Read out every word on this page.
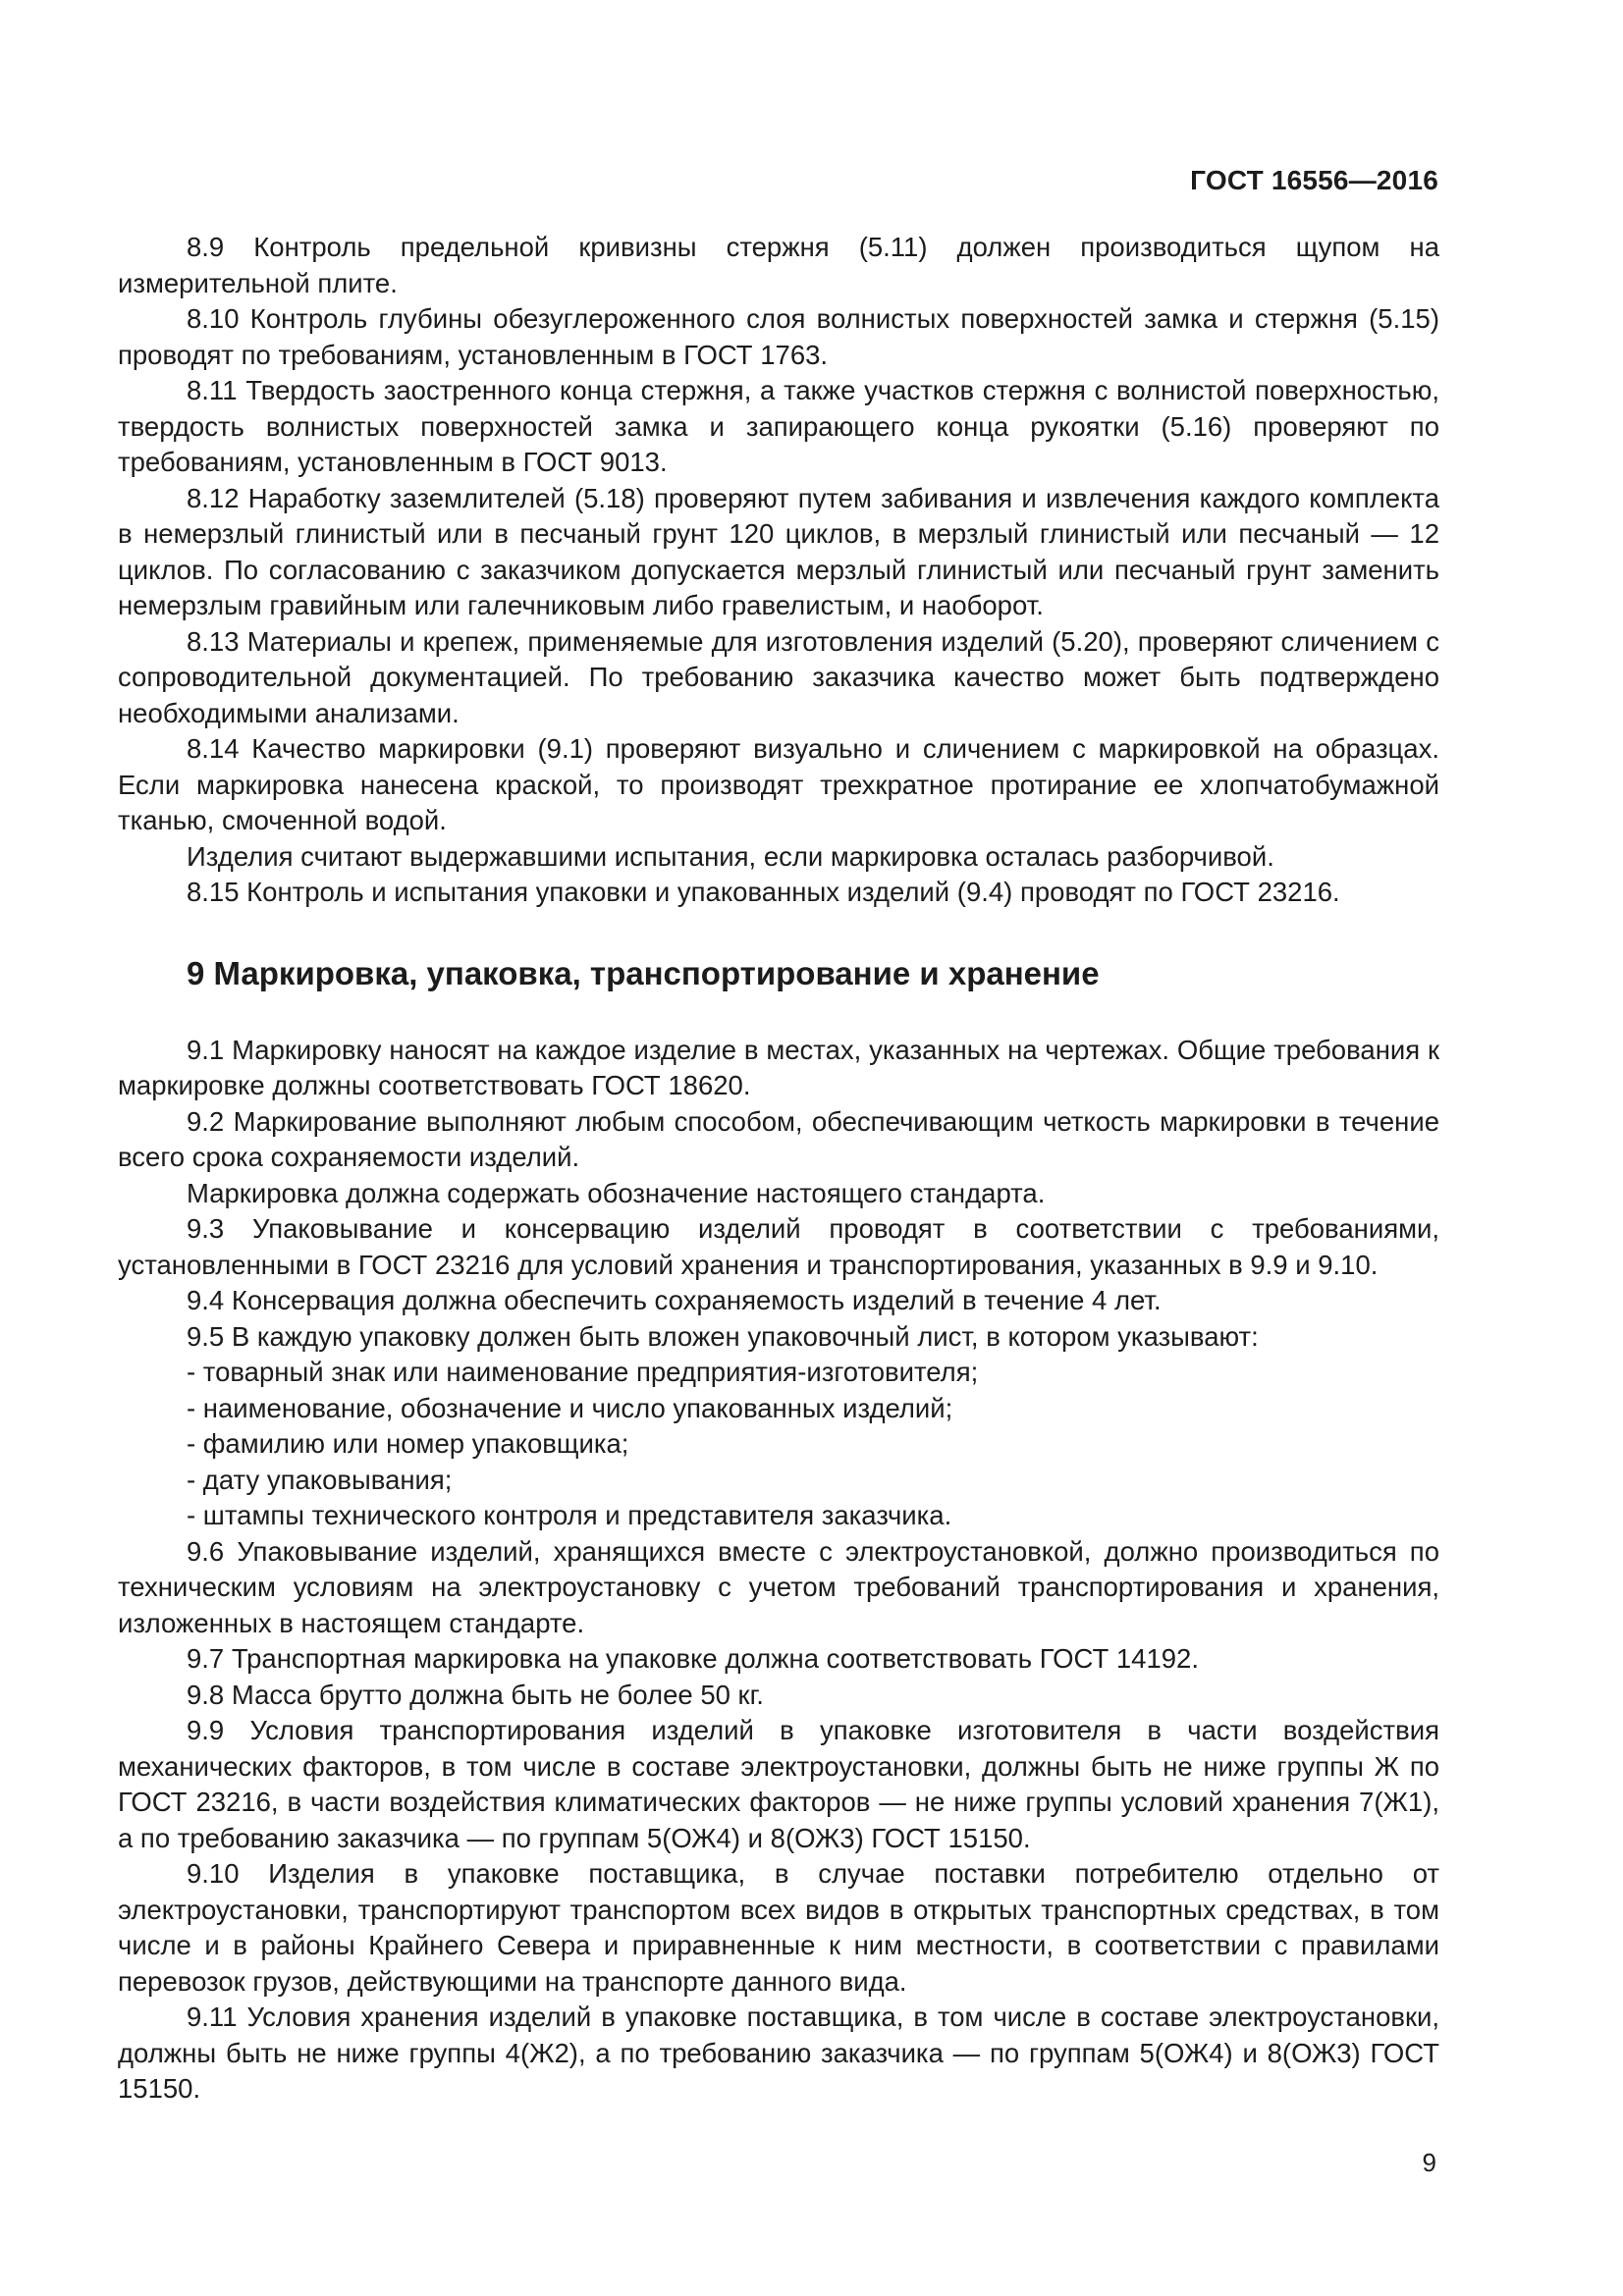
ГОСТ 16556—2016

8.9 Контроль предельной кривизны стержня (5.11) должен производиться щупом на измерительной плите.

8.10 Контроль глубины обезуглероженного слоя волнистых поверхностей замка и стержня (5.15) проводят по требованиям, установленным в ГОСТ 1763.

8.11 Твердость заостренного конца стержня, а также участков стержня с волнистой поверхностью, твердость волнистых поверхностей замка и запирающего конца рукоятки (5.16) проверяют по требованиям, установленным в ГОСТ 9013.

8.12 Наработку заземлителей (5.18) проверяют путем забивания и извлечения каждого комплекта в немерзлый глинистый или в песчаный грунт 120 циклов, в мерзлый глинистый или песчаный — 12 циклов. По согласованию с заказчиком допускается мерзлый глинистый или песчаный грунт заменить немерзлым гравийным или галечниковым либо гравелистым, и наоборот.

8.13 Материалы и крепеж, применяемые для изготовления изделий (5.20), проверяют сличением с сопроводительной документацией. По требованию заказчика качество может быть подтверждено необходимыми анализами.

8.14 Качество маркировки (9.1) проверяют визуально и сличением с маркировкой на образцах. Если маркировка нанесена краской, то производят трехкратное протирание ее хлопчатобумажной тканью, смоченной водой.

Изделия считают выдержавшими испытания, если маркировка осталась разборчивой.

8.15 Контроль и испытания упаковки и упакованных изделий (9.4) проводят по ГОСТ 23216.

9 Маркировка, упаковка, транспортирование и хранение

9.1 Маркировку наносят на каждое изделие в местах, указанных на чертежах. Общие требования к маркировке должны соответствовать ГОСТ 18620.

9.2 Маркирование выполняют любым способом, обеспечивающим четкость маркировки в течение всего срока сохраняемости изделий.

Маркировка должна содержать обозначение настоящего стандарта.

9.3 Упаковывание и консервацию изделий проводят в соответствии с требованиями, установленными в ГОСТ 23216 для условий хранения и транспортирования, указанных в 9.9 и 9.10.

9.4 Консервация должна обеспечить сохраняемость изделий в течение 4 лет.

9.5 В каждую упаковку должен быть вложен упаковочный лист, в котором указывают:

- товарный знак или наименование предприятия-изготовителя;

- наименование, обозначение и число упакованных изделий;

- фамилию или номер упаковщика;

- дату упаковывания;

- штампы технического контроля и представителя заказчика.

9.6 Упаковывание изделий, хранящихся вместе с электроустановкой, должно производиться по техническим условиям на электроустановку с учетом требований транспортирования и хранения, изложенных в настоящем стандарте.

9.7 Транспортная маркировка на упаковке должна соответствовать ГОСТ 14192.

9.8 Масса брутто должна быть не более 50 кг.

9.9 Условия транспортирования изделий в упаковке изготовителя в части воздействия механических факторов, в том числе в составе электроустановки, должны быть не ниже группы Ж по ГОСТ 23216, в части воздействия климатических факторов — не ниже группы условий хранения 7(Ж1), а по требованию заказчика — по группам 5(ОЖ4) и 8(ОЖ3) ГОСТ 15150.

9.10 Изделия в упаковке поставщика, в случае поставки потребителю отдельно от электроустановки, транспортируют транспортом всех видов в открытых транспортных средствах, в том числе и в районы Крайнего Севера и приравненные к ним местности, в соответствии с правилами перевозок грузов, действующими на транспорте данного вида.

9.11 Условия хранения изделий в упаковке поставщика, в том числе в составе электроустановки, должны быть не ниже группы 4(Ж2), а по требованию заказчика — по группам 5(ОЖ4) и 8(ОЖ3) ГОСТ 15150.

9
